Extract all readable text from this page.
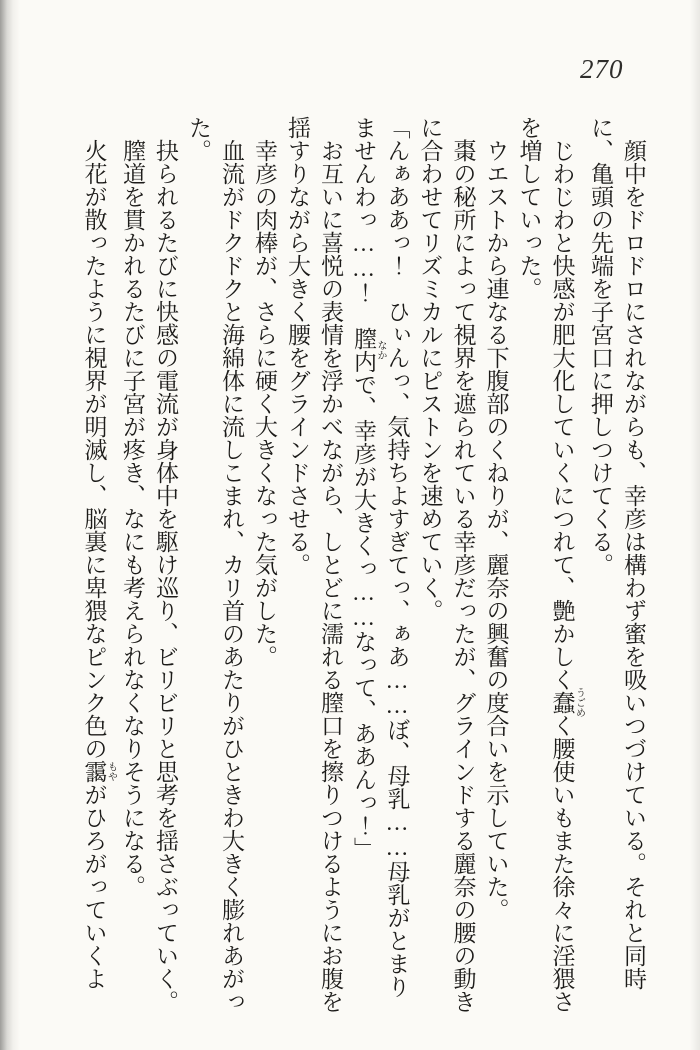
270

顔中をドロドロにされながらも、幸彦は構わず蜜を吸いつづけている。それと同時に、亀頭の先端を子宮口に押しつけてくる。

じわじわと快感が肥大化していくにつれて、艶かしく蠢 うごめく腰使いもまた徐々に淫猥さを増していった。

ウエストから連なる下腹部のくねりが、麗奈の興奮の度合いを示していた。

棗の秘所によって視界を遮られている幸彦だったが、グラインドする麗奈の腰の動きに合わせてリズミカルにピストンを速めていく。

「んぁああっ！　ひぃんっ、気持ちよすぎてっ、ぁあ……ぼ、母乳……母乳がとまりませんわっ……！　膣内 なかで、幸彦が大きくっ……なって、ああんっ！」

お互いに喜悦の表情を浮かべながら、しとどに濡れる膣口を擦りつけるようにお腹を揺すりながら大きく腰をグラインドさせる。

幸彦の肉棒が、さらに硬く大きくなった気がした。

血流がドクドクと海綿体に流しこまれ、カリ首のあたりがひときわ大きく膨れあがった。

抉られるたびに快感の電流が身体中を駆け巡り、ビリビリと思考を揺さぶっていく。

膣道を貫かれるたびに子宮が疼き、なにも考えられなくなりそうになる。

火花が散ったように視界が明滅し、脳裏に卑猥なピンク色の靄 もやがひろがっていくよ
